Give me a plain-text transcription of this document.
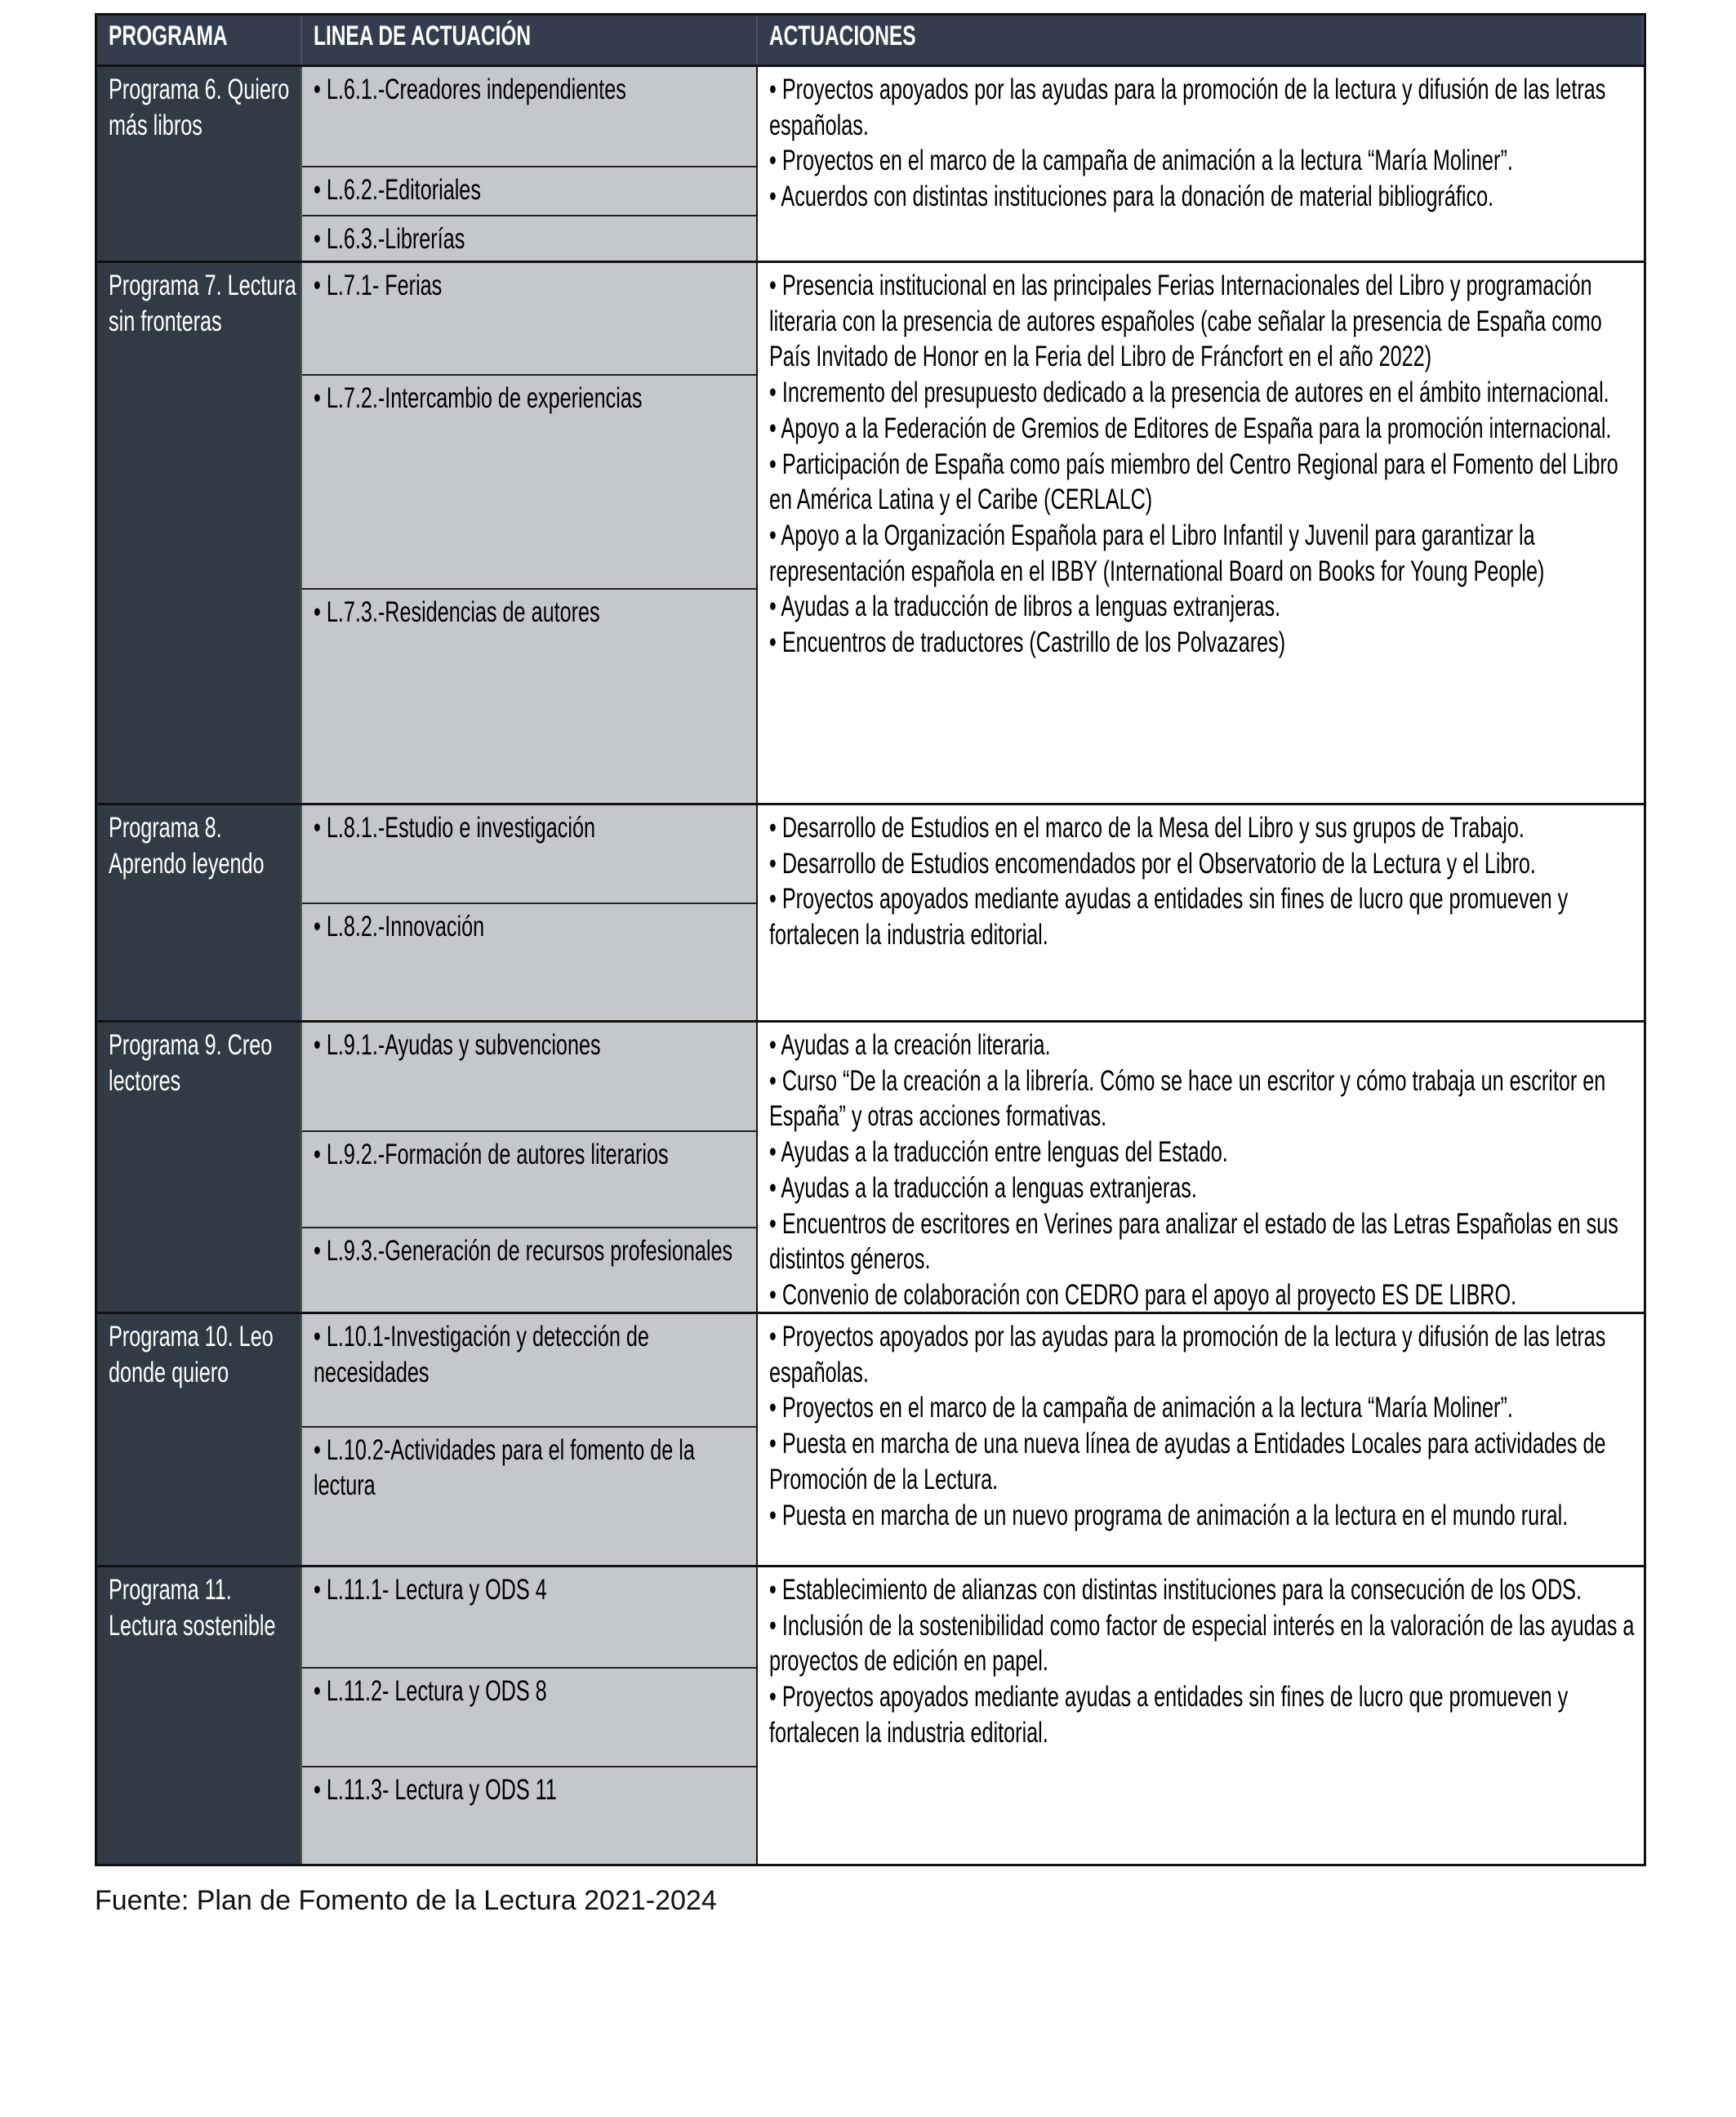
PROGRAMA	LINEA DE ACTUACIÓN	ACTUACIONES
Programa 6. Quiero más libros
• L.6.1.-Creadores independientes
• L.6.2.-Editoriales
• L.6.3.-Librerías
• Proyectos apoyados por las ayudas para la promoción de la lectura y difusión de las letras españolas.
• Proyectos en el marco de la campaña de animación a la lectura “María Moliner”.
• Acuerdos con distintas instituciones para la donación de material bibliográfico.
Programa 7. Lectura sin fronteras
• L.7.1- Ferias
• L.7.2.-Intercambio de experiencias
• L.7.3.-Residencias de autores
• Presencia institucional en las principales Ferias Internacionales del Libro y programación literaria con la presencia de autores españoles (cabe señalar la presencia de España como País Invitado de Honor en la Feria del Libro de Fráncfort en el año 2022)
• Incremento del presupuesto dedicado a la presencia de autores en el ámbito internacional.
• Apoyo a la Federación de Gremios de Editores de España para la promoción internacional.
• Participación de España como país miembro del Centro Regional para el Fomento del Libro en América Latina y el Caribe (CERLALC)
• Apoyo a la Organización Española para el Libro Infantil y Juvenil para garantizar la representación española en el IBBY (International Board on Books for Young People)
• Ayudas a la traducción de libros a lenguas extranjeras.
• Encuentros de traductores (Castrillo de los Polvazares)
Programa 8. Aprendo leyendo
• L.8.1.-Estudio e investigación
• L.8.2.-Innovación
• Desarrollo de Estudios en el marco de la Mesa del Libro y sus grupos de Trabajo.
• Desarrollo de Estudios encomendados por el Observatorio de la Lectura y el Libro.
• Proyectos apoyados mediante ayudas a entidades sin fines de lucro que promueven y fortalecen la industria editorial.
Programa 9. Creo lectores
• L.9.1.-Ayudas y subvenciones
• L.9.2.-Formación de autores literarios
• L.9.3.-Generación de recursos profesionales
• Ayudas a la creación literaria.
• Curso “De la creación a la librería. Cómo se hace un escritor y cómo trabaja un escritor en España” y otras acciones formativas.
• Ayudas a la traducción entre lenguas del Estado.
• Ayudas a la traducción a lenguas extranjeras.
• Encuentros de escritores en Verines para analizar el estado de las Letras Españolas en sus distintos géneros.
• Convenio de colaboración con CEDRO para el apoyo al proyecto ES DE LIBRO.
Programa 10. Leo donde quiero
• L.10.1-Investigación y detección de necesidades
• L.10.2-Actividades para el fomento de la lectura
• Proyectos apoyados por las ayudas para la promoción de la lectura y difusión de las letras españolas.
• Proyectos en el marco de la campaña de animación a la lectura “María Moliner”.
• Puesta en marcha de una nueva línea de ayudas a Entidades Locales para actividades de Promoción de la Lectura.
• Puesta en marcha de un nuevo programa de animación a la lectura en el mundo rural.
Programa 11. Lectura sostenible
• L.11.1- Lectura y ODS 4
• L.11.2- Lectura y ODS 8
• L.11.3- Lectura y ODS 11
• Establecimiento de alianzas con distintas instituciones para la consecución de los ODS.
• Inclusión de la sostenibilidad como factor de especial interés en la valoración de las ayudas a proyectos de edición en papel.
• Proyectos apoyados mediante ayudas a entidades sin fines de lucro que promueven y fortalecen la industria editorial.
Fuente: Plan de Fomento de la Lectura 2021-2024
